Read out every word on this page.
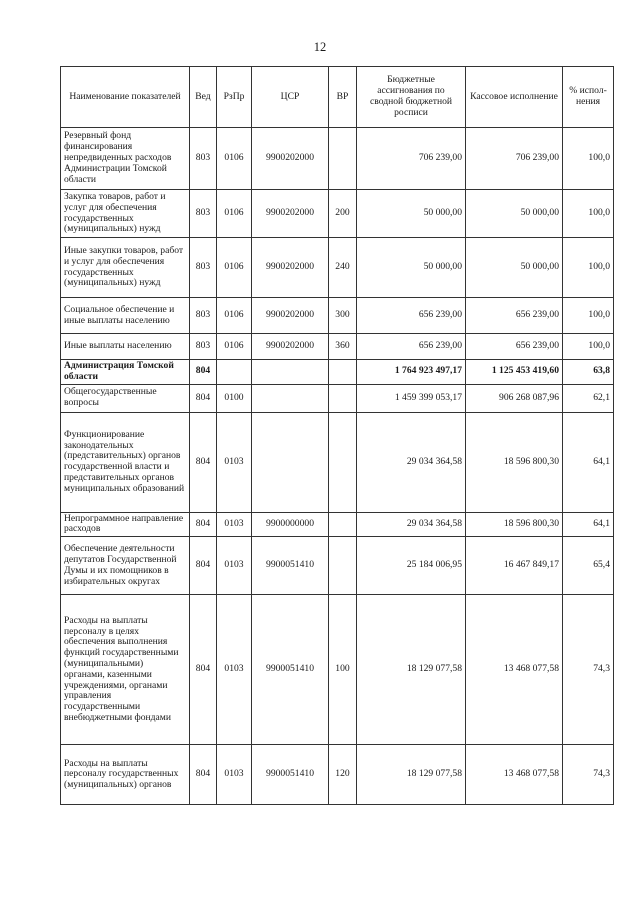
12
Наименование показателей	Вед	РзПр	ЦСР	ВР	Бюджетные ассигнования по сводной бюджетной росписи	Кассовое исполнение	% испол-нения
Резервный фонд финансирования непредвиденных расходов Администрации Томской области	803	0106	9900202000		706 239,00	706 239,00	100,0
Закупка товаров, работ и услуг для обеспечения государственных (муниципальных) нужд	803	0106	9900202000	200	50 000,00	50 000,00	100,0
Иные закупки товаров, работ и услуг для обеспечения государственных (муниципальных) нужд	803	0106	9900202000	240	50 000,00	50 000,00	100,0
Социальное обеспечение и иные выплаты населению	803	0106	9900202000	300	656 239,00	656 239,00	100,0
Иные выплаты населению	803	0106	9900202000	360	656 239,00	656 239,00	100,0
Администрация Томской области	804				1 764 923 497,17	1 125 453 419,60	63,8
Общегосударственные вопросы	804	0100			1 459 399 053,17	906 268 087,96	62,1
Функционирование законодательных (представительных) органов государственной власти и представительных органов муниципальных образований	804	0103			29 034 364,58	18 596 800,30	64,1
Непрограммное направление расходов	804	0103	9900000000		29 034 364,58	18 596 800,30	64,1
Обеспечение деятельности депутатов Государственной Думы и их помощников в избирательных округах	804	0103	9900051410		25 184 006,95	16 467 849,17	65,4
Расходы на выплаты персоналу в целях обеспечения выполнения функций государственными (муниципальными) органами, казенными учреждениями, органами управления государственными внебюджетными фондами	804	0103	9900051410	100	18 129 077,58	13 468 077,58	74,3
Расходы на выплаты персоналу государственных (муниципальных) органов	804	0103	9900051410	120	18 129 077,58	13 468 077,58	74,3
